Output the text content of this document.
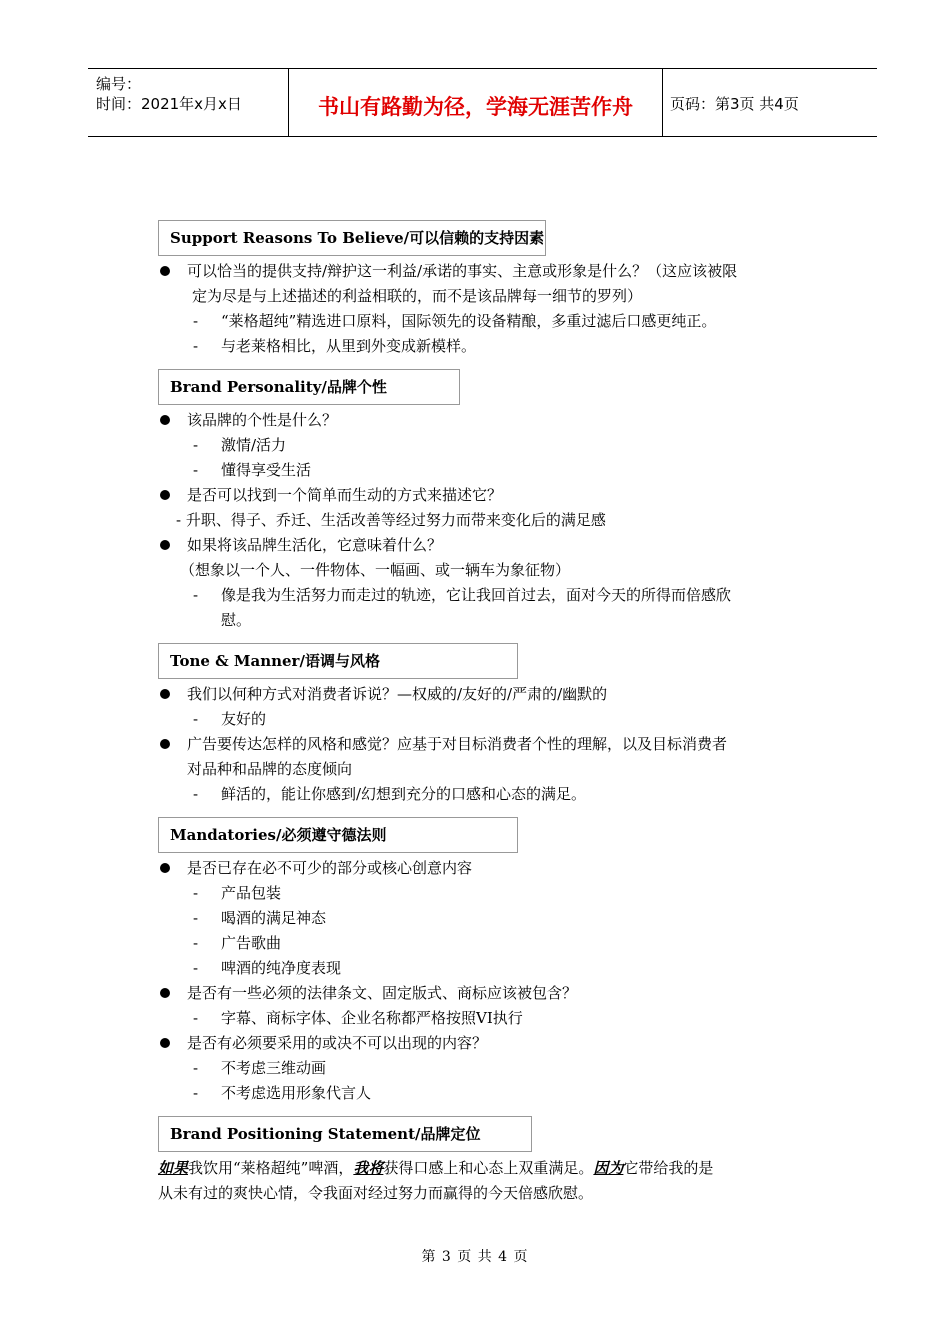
编号：
时间：2021年x月x日	书山有路勤为径，学海无涯苦作舟	页码：第3页 共4页
Support Reasons To Believe/可以信赖的支持因素
可以恰当的提供支持/辩护这一利益/承诺的事实、主意或形象是什么？（这应该被限
定为尽是与上述描述的利益相联的，而不是该品牌每一细节的罗列）
- “莱格超纯”精选进口原料，国际领先的设备精酿，多重过滤后口感更纯正。
- 与老莱格相比，从里到外变成新模样。
Brand Personality/品牌个性
该品牌的个性是什么？
- 激情/活力
- 懂得享受生活
是否可以找到一个简单而生动的方式来描述它？
- 升职、得子、乔迁、生活改善等经过努力而带来变化后的满足感
如果将该品牌生活化，它意味着什么？
（想象以一个人、一件物体、一幅画、或一辆车为象征物）
- 像是我为生活努力而走过的轨迹，它让我回首过去，面对今天的所得而倍感欣
慰。
Tone & Manner/语调与风格
我们以何种方式对消费者诉说？—权威的/友好的/严肃的/幽默的
- 友好的
广告要传达怎样的风格和感觉？应基于对目标消费者个性的理解，以及目标消费者
对品种和品牌的态度倾向
- 鲜活的，能让你感到/幻想到充分的口感和心态的满足。
Mandatories/必须遵守德法则
是否已存在必不可少的部分或核心创意内容
- 产品包装
- 喝酒的满足神态
- 广告歌曲
- 啤酒的纯净度表现
是否有一些必须的法律条文、固定版式、商标应该被包含？
- 字幕、商标字体、企业名称都严格按照VI执行
是否有必须要采用的或决不可以出现的内容？
- 不考虑三维动画
- 不考虑选用形象代言人
Brand Positioning Statement/品牌定位
如果我饮用“莱格超纯”啤酒，我将获得口感上和心态上双重满足。因为它带给我的是
从未有过的爽快心情，令我面对经过努力而赢得的今天倍感欣慰。
第 3 页 共 4 页
